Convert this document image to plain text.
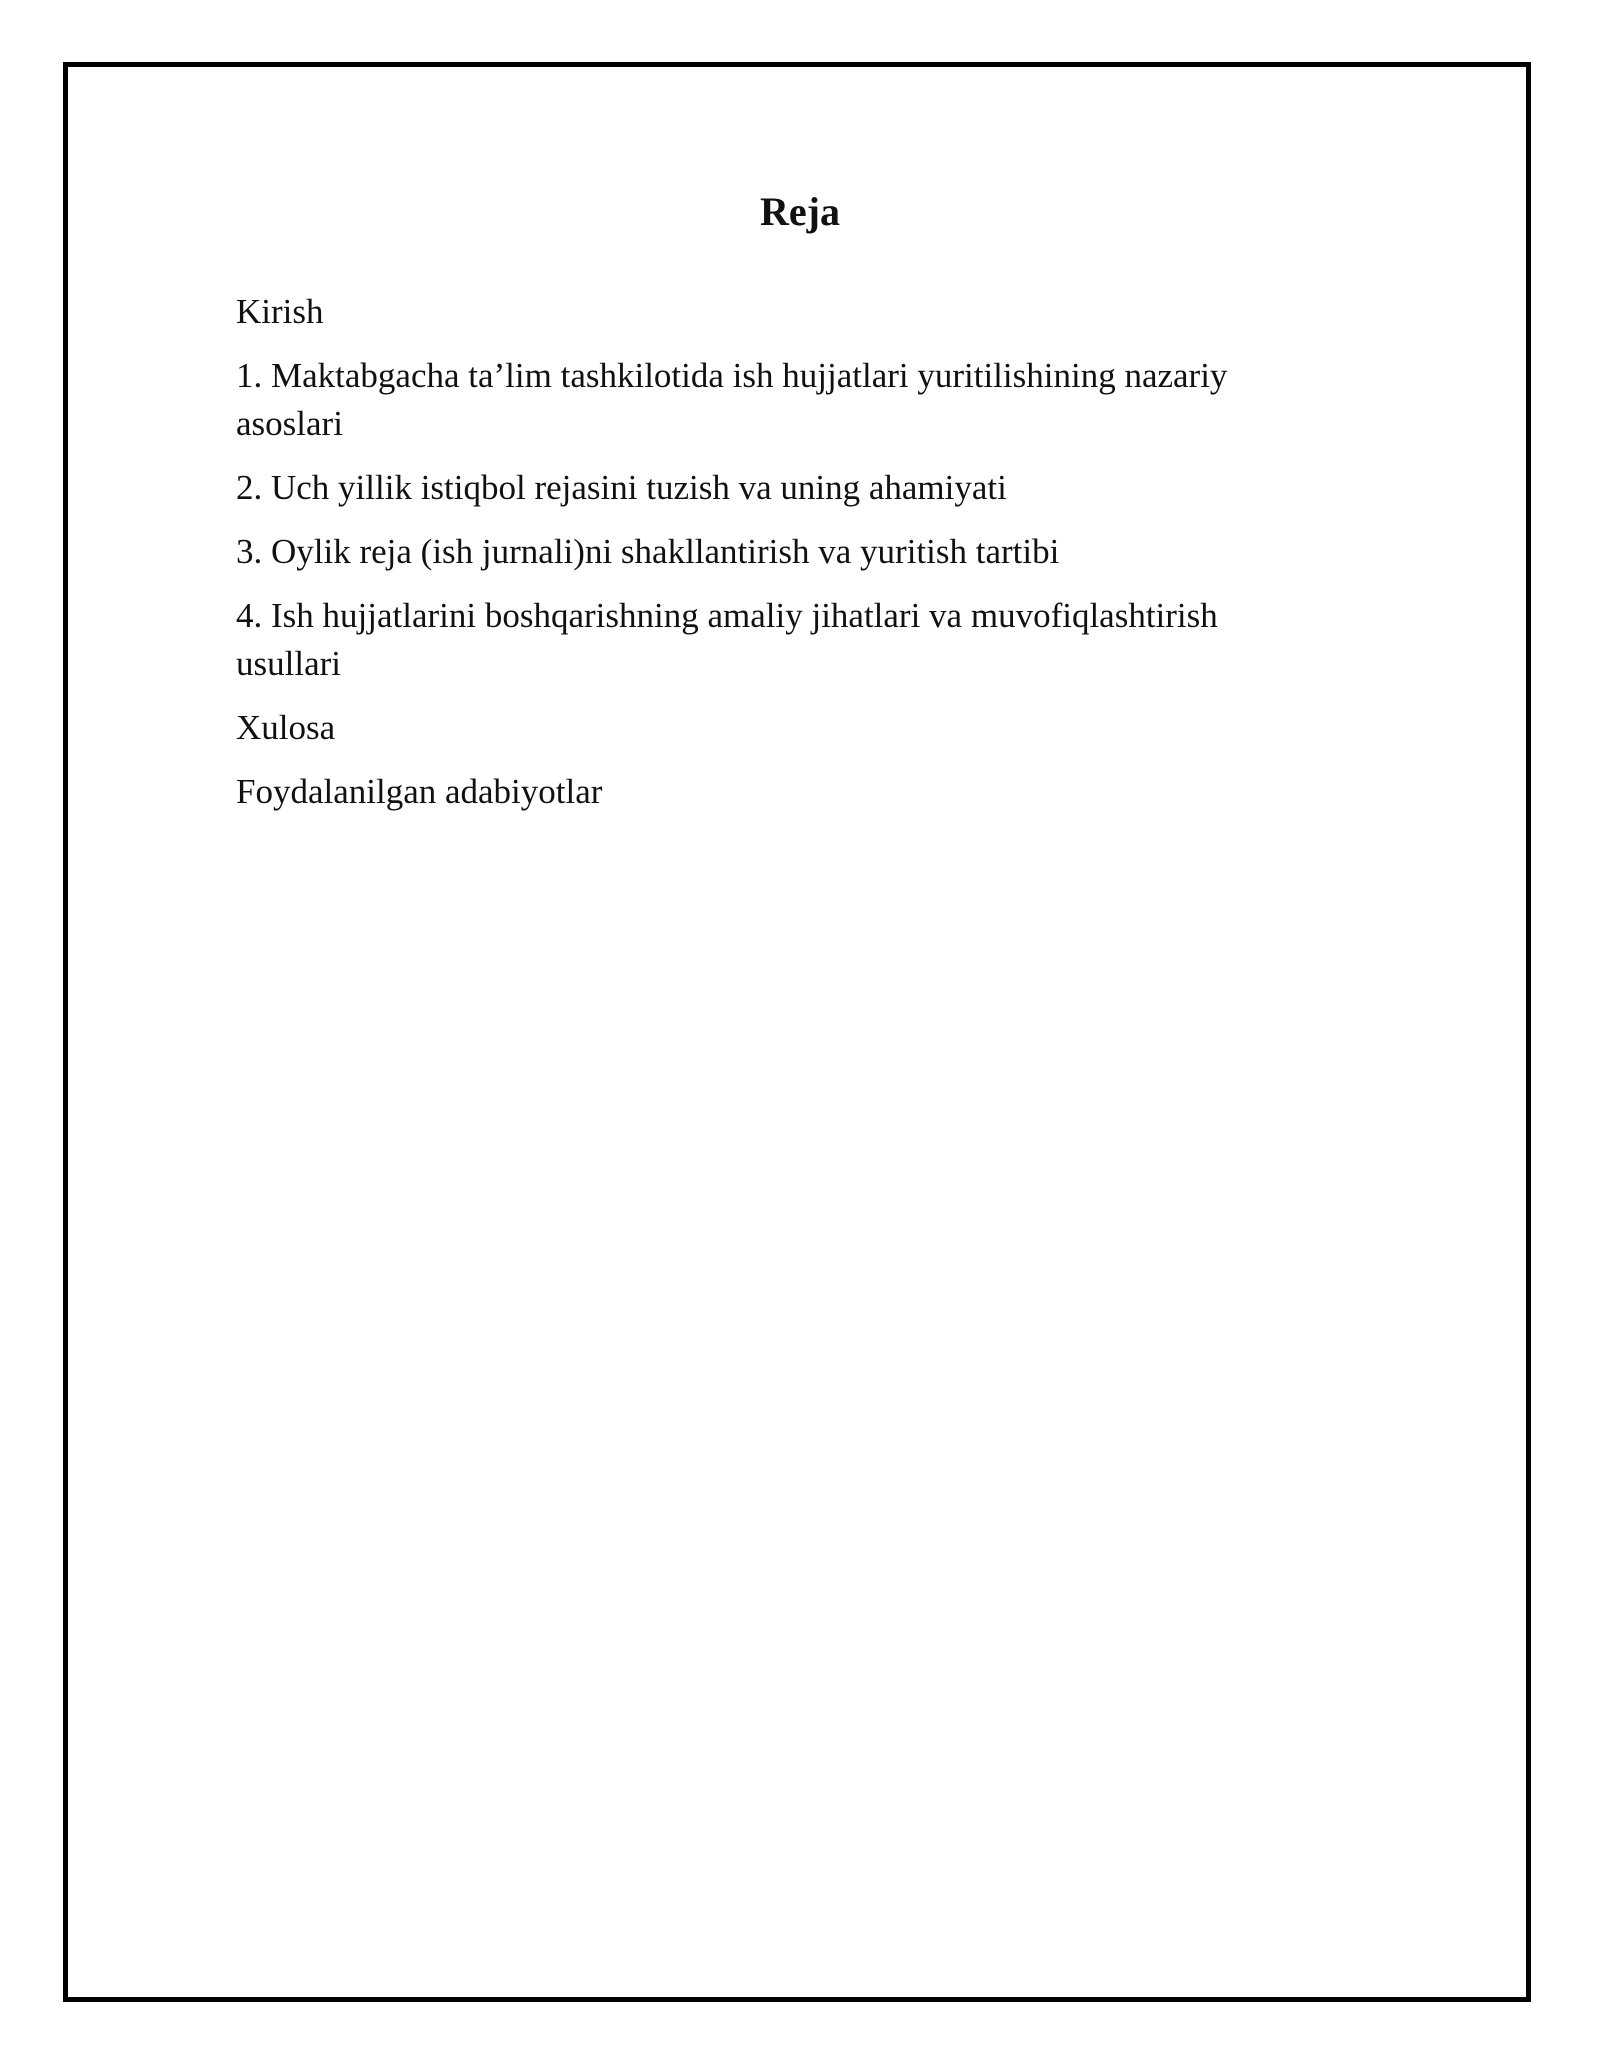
Reja
Kirish
1. Maktabgacha ta’lim tashkilotida ish hujjatlari yuritilishining nazariy asoslari
2. Uch yillik istiqbol rejasini tuzish va uning ahamiyati
3. Oylik reja (ish jurnali)ni shakllantirish va yuritish tartibi
4. Ish hujjatlarini boshqarishning amaliy jihatlari va muvofiqlashtirish usullari
Xulosa
Foydalanilgan adabiyotlar
